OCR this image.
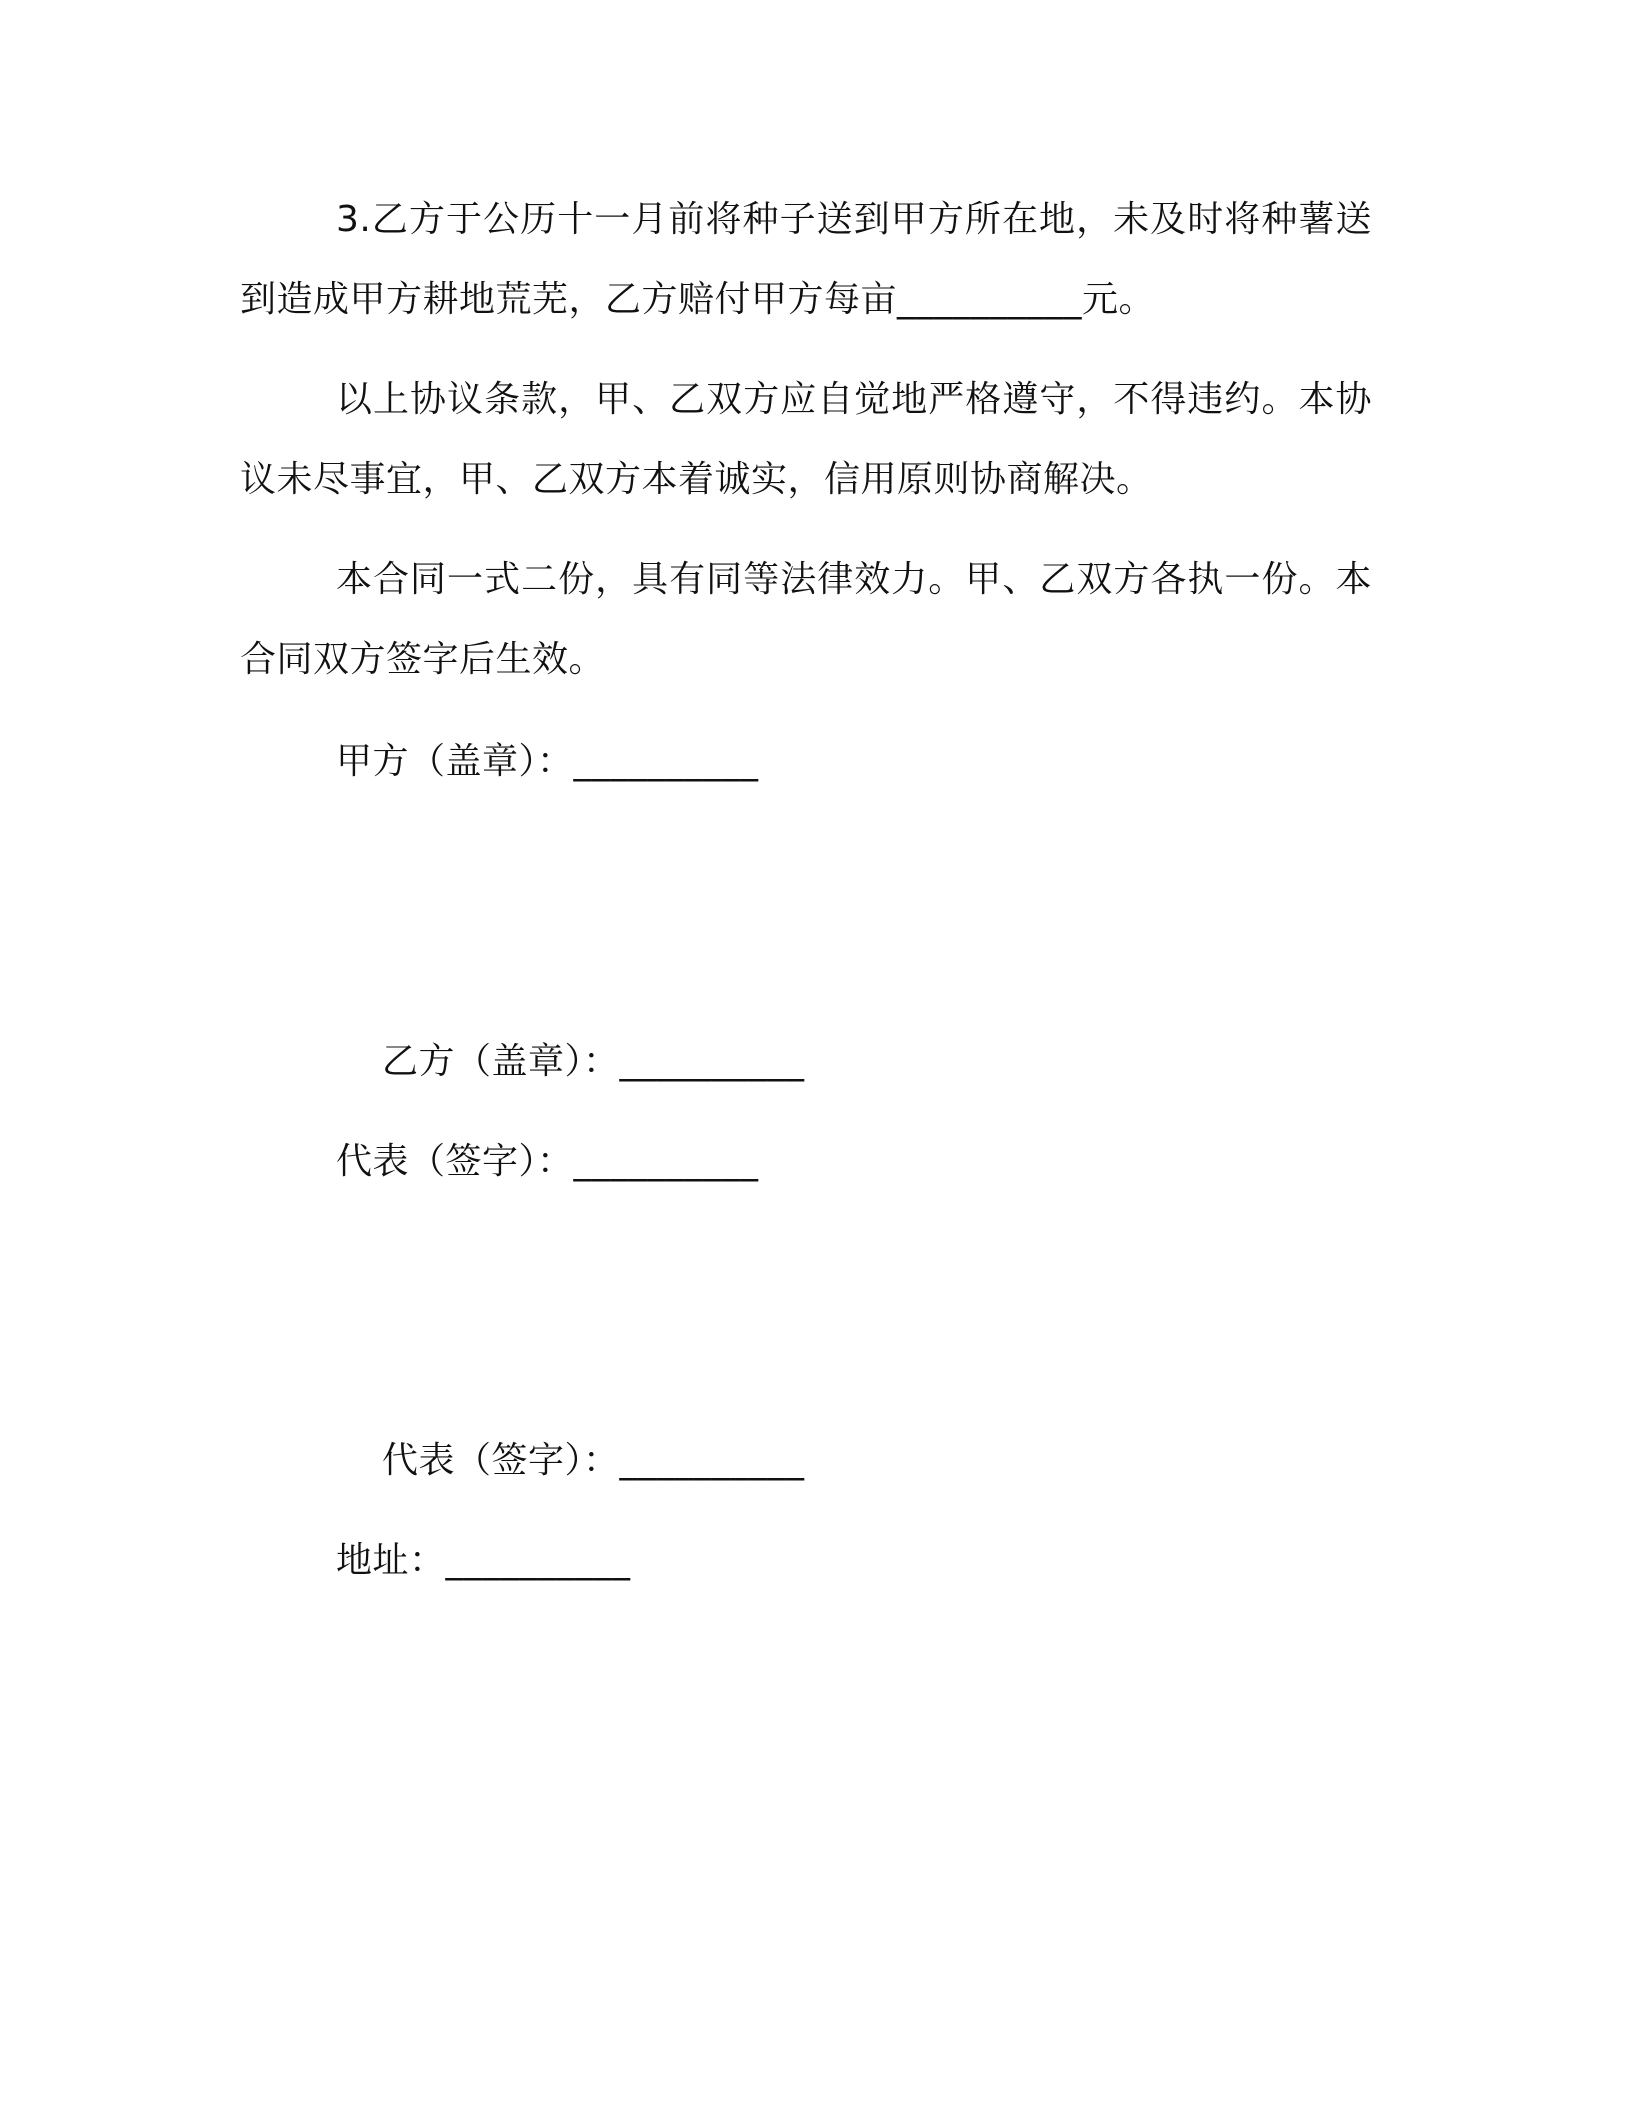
3.乙方于公历十一月前将种子送到甲方所在地，未及时将种薯送到造成甲方耕地荒芜，乙方赔付甲方每亩__________元。

以上协议条款，甲、乙双方应自觉地严格遵守，不得违约。本协议未尽事宜，甲、乙双方本着诚实，信用原则协商解决。

本合同一式二份，具有同等法律效力。甲、乙双方各执一份。本合同双方签字后生效。

甲方（盖章）：__________

乙方（盖章）：__________

代表（签字）：__________

代表（签字）：__________

地址：__________
